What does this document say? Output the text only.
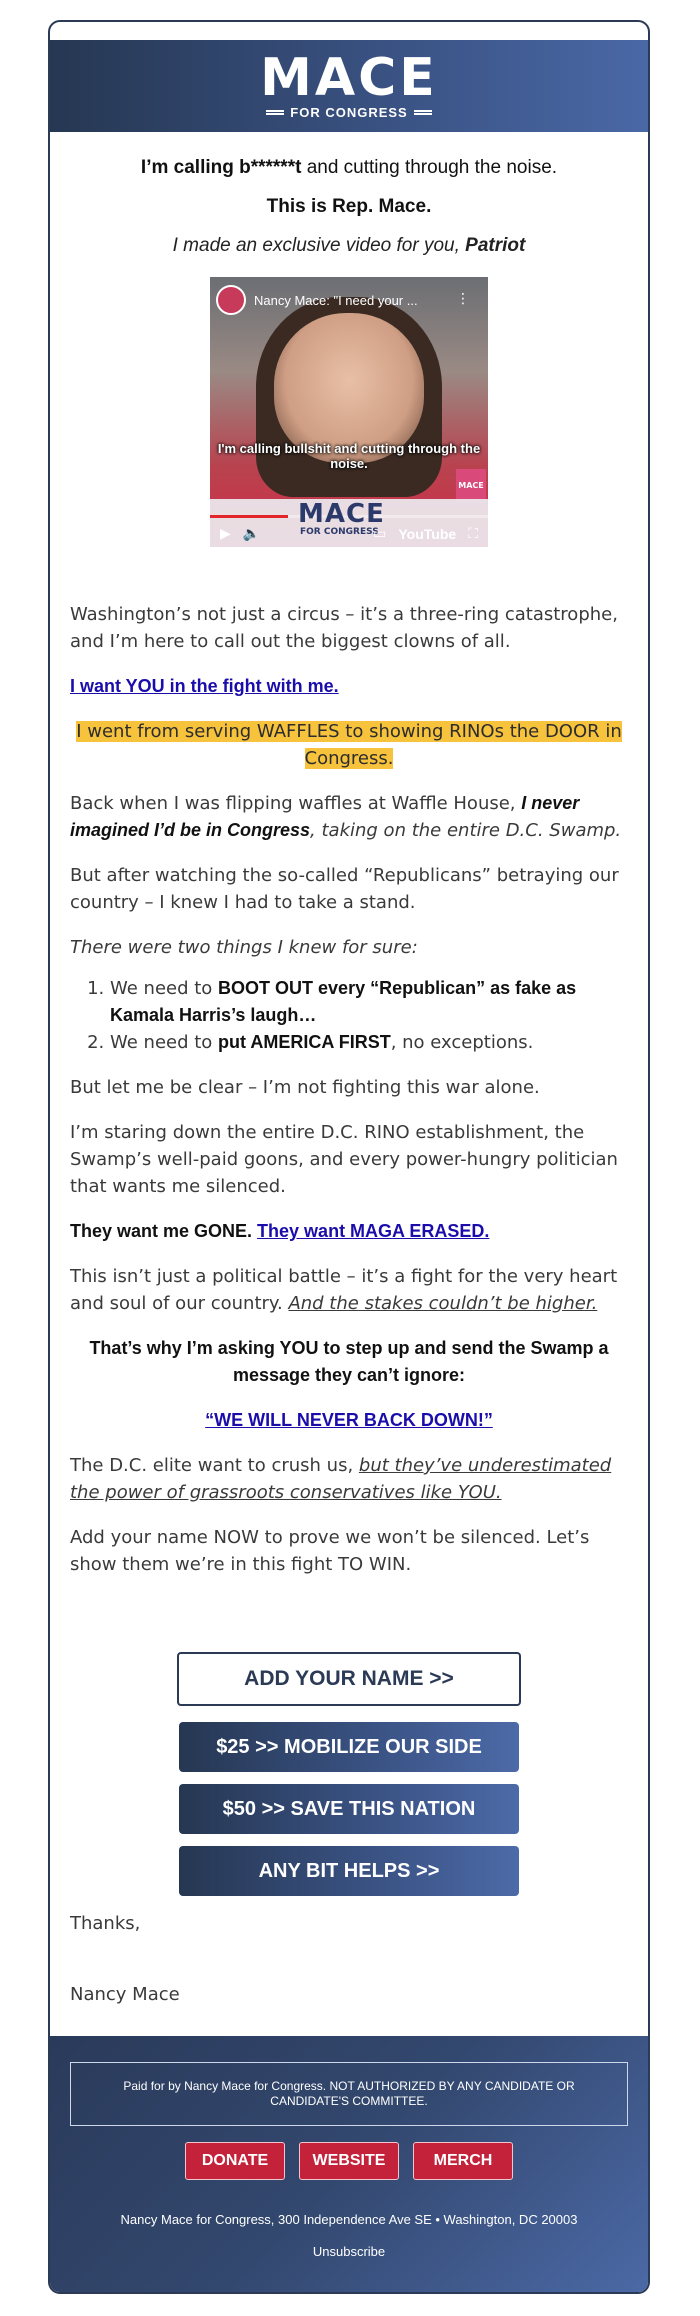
MACE
FOR CONGRESS

I’m calling b******t and cutting through the noise.

This is Rep. Mace.

I made an exclusive video for you, Patriot

Nancy Mace: "I need your ...	⋮
I'm calling bullshit and cutting through the noise.
MACE
MACE
FOR CONGRESS
▶ 🔈	▭ YouTube ⛶

Washington’s not just a circus – it’s a three-ring catastrophe, and I’m here to call out the biggest clowns of all.

I want YOU in the fight with me.

I went from serving WAFFLES to showing RINOs the DOOR in Congress.

Back when I was flipping waffles at Waffle House, I never imagined I’d be in Congress, taking on the entire D.C. Swamp.

But after watching the so-called “Republicans” betraying our country – I knew I had to take a stand.

There were two things I knew for sure:

1. We need to BOOT OUT every “Republican” as fake as Kamala Harris’s laugh…
2. We need to put AMERICA FIRST, no exceptions.

But let me be clear – I’m not fighting this war alone.

I’m staring down the entire D.C. RINO establishment, the Swamp’s well-paid goons, and every power-hungry politician that wants me silenced.

They want me GONE. They want MAGA ERASED.

This isn’t just a political battle – it’s a fight for the very heart and soul of our country. And the stakes couldn’t be higher.

That’s why I’m asking YOU to step up and send the Swamp a message they can’t ignore:

“WE WILL NEVER BACK DOWN!”

The D.C. elite want to crush us, but they’ve underestimated the power of grassroots conservatives like YOU.

Add your name NOW to prove we won’t be silenced. Let’s show them we’re in this fight TO WIN.

ADD YOUR NAME >>
$25 >> MOBILIZE OUR SIDE
$50 >> SAVE THIS NATION
ANY BIT HELPS >>

Thanks,

Nancy Mace

Paid for by Nancy Mace for Congress. NOT AUTHORIZED BY ANY CANDIDATE OR CANDIDATE'S COMMITTEE.
DONATE	WEBSITE	MERCH
Nancy Mace for Congress, 300 Independence Ave SE • Washington, DC 20003
Unsubscribe
